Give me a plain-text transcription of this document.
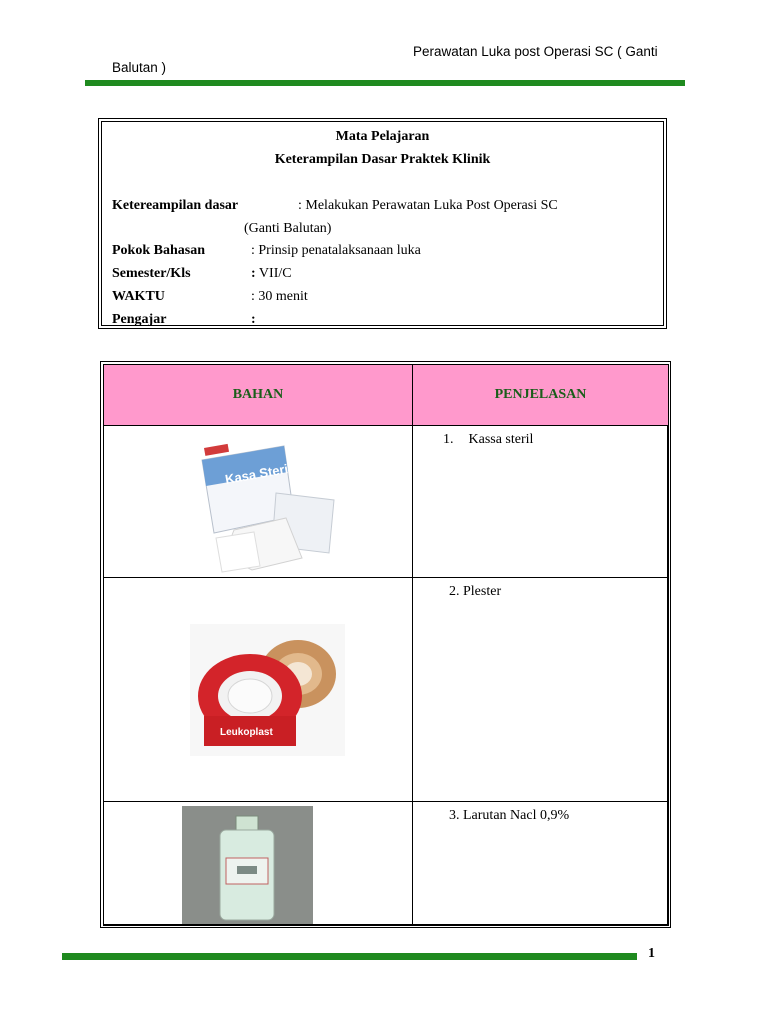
Perawatan Luka post Operasi SC ( Ganti
Balutan )
Mata Pelajaran
Keterampilan Dasar Praktek Klinik
Ketereampilan dasar	: Melakukan Perawatan Luka Post Operasi SC
(Ganti Balutan)
Pokok Bahasan	: Prinsip penatalaksanaan luka
Semester/Kls	: VII/C
WAKTU	: 30 menit
Pengajar	:
BAHAN	PENJELASAN

Kasa Steril	1. Kassa steril

Leukoplast	2. Plester

3. Larutan Nacl 0,9%
1
